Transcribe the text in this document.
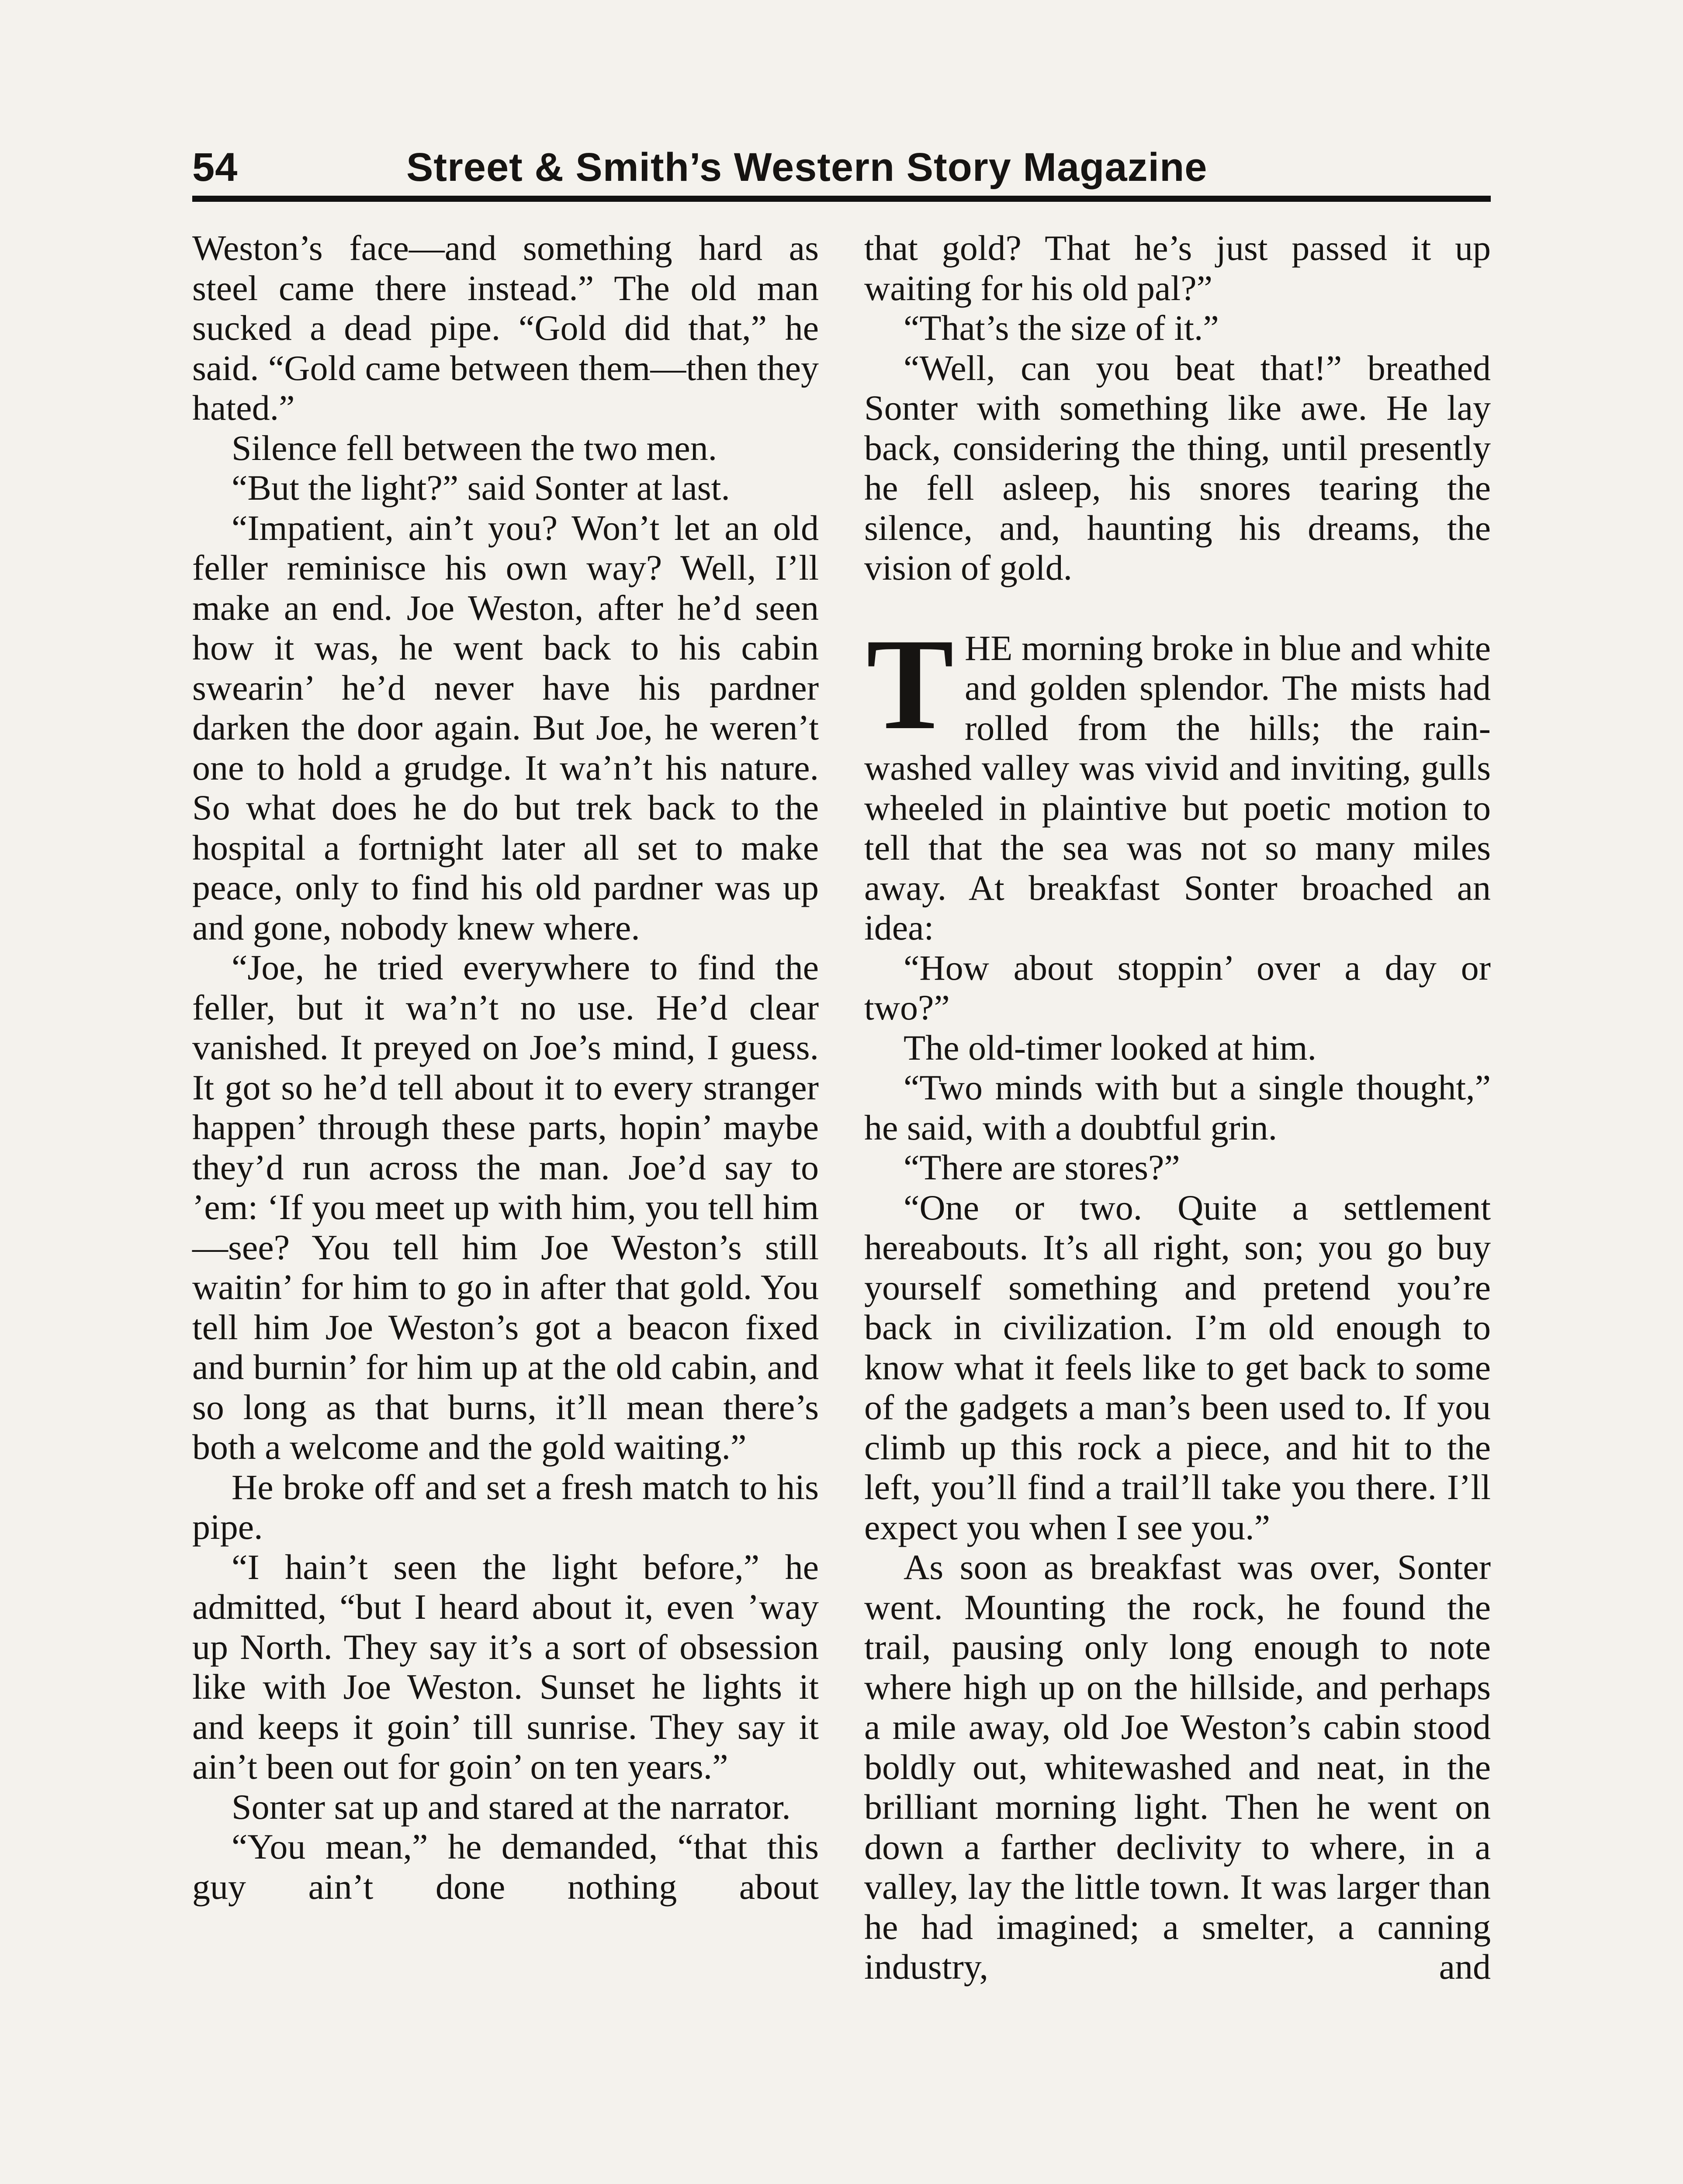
54	Street & Smith’s Western Story Magazine

Weston’s face—and something hard as steel came there instead.” The old man sucked a dead pipe. “Gold did that,” he said. “Gold came between them—then they hated.”

Silence fell between the two men.

“But the light?” said Sonter at last.

“Impatient, ain’t you? Won’t let an old feller reminisce his own way? Well, I’ll make an end. Joe Weston, after he’d seen how it was, he went back to his cabin swearin’ he’d never have his pardner darken the door again. But Joe, he weren’t one to hold a grudge. It wa’n’t his nature. So what does he do but trek back to the hospital a fortnight later all set to make peace, only to find his old pardner was up and gone, nobody knew where.

“Joe, he tried everywhere to find the feller, but it wa’n’t no use. He’d clear vanished. It preyed on Joe’s mind, I guess. It got so he’d tell about it to every stranger happen’ through these parts, hopin’ maybe they’d run across the man. Joe’d say to ’em: ‘If you meet up with him, you tell him—see? You tell him Joe Weston’s still waitin’ for him to go in after that gold. You tell him Joe Weston’s got a beacon fixed and burnin’ for him up at the old cabin, and so long as that burns, it’ll mean there’s both a welcome and the gold waiting.”

He broke off and set a fresh match to his pipe.

“I hain’t seen the light before,” he admitted, “but I heard about it, even ’way up North. They say it’s a sort of obsession like with Joe Weston. Sunset he lights it and keeps it goin’ till sunrise. They say it ain’t been out for goin’ on ten years.”

Sonter sat up and stared at the narrator.

“You mean,” he demanded, “that this guy ain’t done nothing about

that gold? That he’s just passed it up waiting for his old pal?”

“That’s the size of it.”

“Well, can you beat that!” breathed Sonter with something like awe. He lay back, considering the thing, until presently he fell asleep, his snores tearing the silence, and, haunting his dreams, the vision of gold.

THE morning broke in blue and white and golden splendor. The mists had rolled from the hills; the rain-washed valley was vivid and inviting, gulls wheeled in plaintive but poetic motion to tell that the sea was not so many miles away. At breakfast Sonter broached an idea:

“How about stoppin’ over a day or two?”

The old-timer looked at him.

“Two minds with but a single thought,” he said, with a doubtful grin.

“There are stores?”

“One or two. Quite a settlement hereabouts. It’s all right, son; you go buy yourself something and pretend you’re back in civilization. I’m old enough to know what it feels like to get back to some of the gadgets a man’s been used to. If you climb up this rock a piece, and hit to the left, you’ll find a trail’ll take you there. I’ll expect you when I see you.”

As soon as breakfast was over, Sonter went. Mounting the rock, he found the trail, pausing only long enough to note where high up on the hillside, and perhaps a mile away, old Joe Weston’s cabin stood boldly out, whitewashed and neat, in the brilliant morning light. Then he went on down a farther declivity to where, in a valley, lay the little town. It was larger than he had imagined; a smelter, a canning industry, and
